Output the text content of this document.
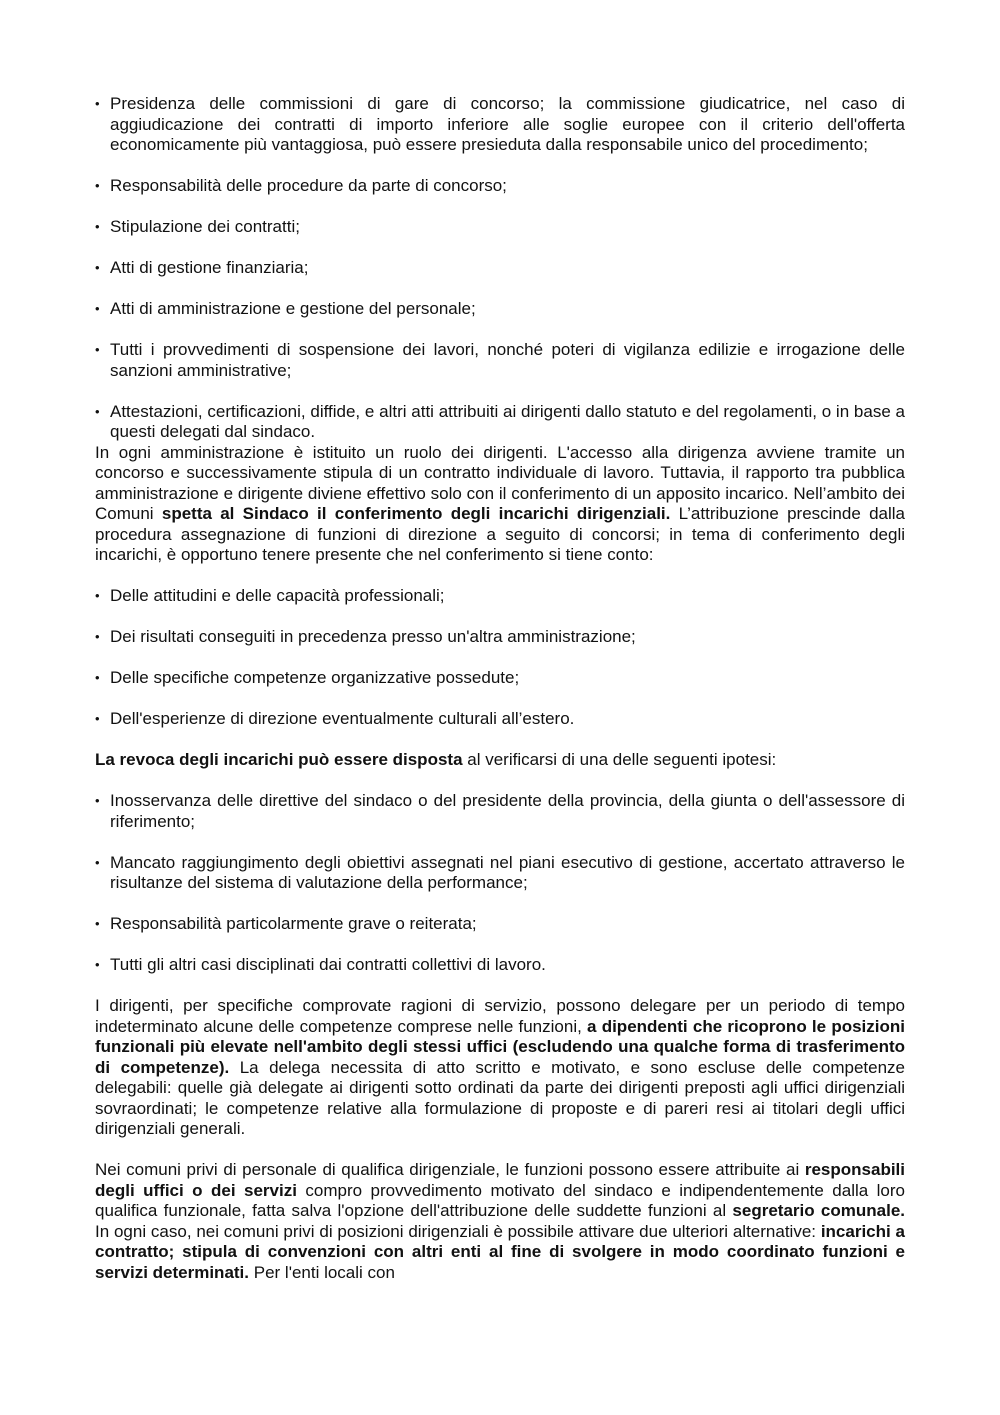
• Presidenza delle commissioni di gare di concorso; la commissione giudicatrice, nel caso di aggiudicazione dei contratti di importo inferiore alle soglie europee con il criterio dell'offerta economicamente più vantaggiosa, può essere presieduta dalla responsabile unico del procedimento;
• Responsabilità delle procedure da parte di concorso;
• Stipulazione dei contratti;
• Atti di gestione finanziaria;
• Atti di amministrazione e gestione del personale;
• Tutti i provvedimenti di sospensione dei lavori, nonché poteri di vigilanza edilizie e irrogazione delle sanzioni amministrative;
• Attestazioni, certificazioni, diffide, e altri atti attribuiti ai dirigenti dallo statuto e del regolamenti, o in base a questi delegati dal sindaco.

In ogni amministrazione è istituito un ruolo dei dirigenti. L'accesso alla dirigenza avviene tramite un concorso e successivamente stipula di un contratto individuale di lavoro. Tuttavia, il rapporto tra pubblica amministrazione e dirigente diviene effettivo solo con il conferimento di un apposito incarico. Nell’ambito dei Comuni spetta al Sindaco il conferimento degli incarichi dirigenziali. L’attribuzione prescinde dalla procedura assegnazione di funzioni di direzione a seguito di concorsi; in tema di conferimento degli incarichi, è opportuno tenere presente che nel conferimento si tiene conto:

• Delle attitudini e delle capacità professionali;
• Dei risultati conseguiti in precedenza presso un'altra amministrazione;
• Delle specifiche competenze organizzative possedute;
• Dell'esperienze di direzione eventualmente culturali all’estero.

La revoca degli incarichi può essere disposta al verificarsi di una delle seguenti ipotesi:

• Inosservanza delle direttive del sindaco o del presidente della provincia, della giunta o dell'assessore di riferimento;
• Mancato raggiungimento degli obiettivi assegnati nel piani esecutivo di gestione, accertato attraverso le risultanze del sistema di valutazione della performance;
• Responsabilità particolarmente grave o reiterata;
• Tutti gli altri casi disciplinati dai contratti collettivi di lavoro.

I dirigenti, per specifiche comprovate ragioni di servizio, possono delegare per un periodo di tempo indeterminato alcune delle competenze comprese nelle funzioni, a dipendenti che ricoprono le posizioni funzionali più elevate nell'ambito degli stessi uffici (escludendo una qualche forma di trasferimento di competenze). La delega necessita di atto scritto e motivato, e sono escluse delle competenze delegabili: quelle già delegate ai dirigenti sotto ordinati da parte dei dirigenti preposti agli uffici dirigenziali sovraordinati; le competenze relative alla formulazione di proposte e di pareri resi ai titolari degli uffici dirigenziali generali.

Nei comuni privi di personale di qualifica dirigenziale, le funzioni possono essere attribuite ai responsabili degli uffici o dei servizi compro provvedimento motivato del sindaco e indipendentemente dalla loro qualifica funzionale, fatta salva l'opzione dell'attribuzione delle suddette funzioni al segretario comunale. In ogni caso, nei comuni privi di posizioni dirigenziali è possibile attivare due ulteriori alternative: incarichi a contratto; stipula di convenzioni con altri enti al fine di svolgere in modo coordinato funzioni e servizi determinati. Per l'enti locali con
